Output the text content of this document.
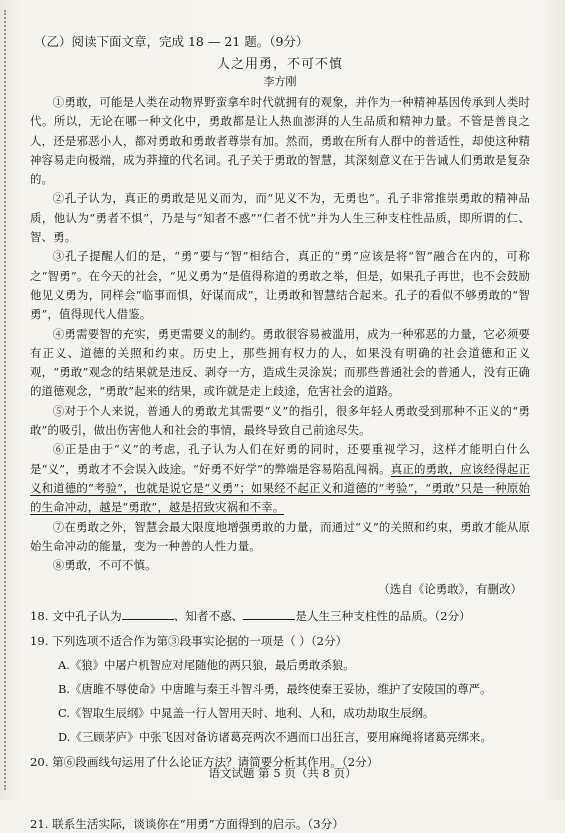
（乙）阅读下面文章，完成 18 — 21 题。（9分）

人之用勇，不可不慎
李方刚

①勇敢，可能是人类在动物界野蛮拿牟时代就拥有的观象，并作为一种精神基因传承到人类时代。所以，无论在哪一种文化中，勇敢都是让人热血澎湃的人生品质和精神力量。不管是善良之人，还是邪恶小人，都对勇敢和勇敢者尊崇有加。然而，勇敢在所有人群中的普适性，却使这种精神容易走向极端，成为莽撞的代名词。孔子关于勇敢的智慧，其深刻意义在于告诫人们勇敢是复杂的。

②孔子认为，真正的勇敢是见义而为，而“见义不为，无勇也”。孔子非常推崇勇敢的精神品质，他认为“勇者不惧”，乃是与“知者不惑”“仁者不忧”并为人生三种支柱性品质，即所谓的仁、智、勇。

③孔子提醒人们的是，“勇”要与“智”相结合，真正的“勇”应该是将“智”融合在内的，可称之“智勇”。在今天的社会，“见义勇为”是值得称道的勇敢之举，但是，如果孔子再世，也不会鼓励他见义勇为，同样会“临事而惧，好谋而成”，让勇敢和智慧结合起来。孔子的看似不够勇敢的“智勇”，值得现代人借鉴。

④勇需要智的充实，勇更需要义的制约。勇敢很容易被滥用，成为一种邪恶的力量，它必须要有正义、道德的关照和约束。历史上，那些拥有权力的人，如果没有明确的社会道德和正义观，“勇敢”观念的结果就是违反、剥夺一方，造成生灵涂炭；而那些普通社会的普通人，没有正确的道德观念，“勇敢”起来的结果，或许就是走上歧途，危害社会的道路。

⑤对于个人来说，普通人的勇敢尤其需要“义”的指引，很多年轻人勇敢受到那种不正义的“勇敢”的吸引，做出伤害他人和社会的事情，最终导致自己前途尽失。

⑥正是由于“义”的考虑，孔子认为人们在好勇的同时，还要重视学习，这样才能明白什么是“义”，勇敢才不会误入歧途。“好勇不好学”的弊端是容易陷乱闯祸。真正的勇敢，应该经得起正义和道德的“考验”，也就是说它是“义勇”；如果经不起正义和道德的“考验”，“勇敢”只是一种原始的生命冲动，越是“勇敢”，越是招致灾祸和不幸。

⑦在勇敢之外，智慧会最大限度地增强勇敢的力量，而通过“义”的关照和约束，勇敢才能从原始生命冲动的能量，变为一种善的人性力量。

⑧勇敢，不可不慎。

（选自《论勇敢》，有删改）

18. 文中孔子认为	、知者不惑、	是人生三种支柱性的品质。（2分）

19. 下列选项不适合作为第③段事实论据的一项是（ ）（2分）

A.《狼》中屠户机智应对尾随他的两只狼，最后勇敢杀狼。

B.《唐雎不辱使命》中唐雎与秦王斗智斗勇，最终使秦王妥协，维护了安陵国的尊严。

C.《智取生辰纲》中晁盖一行人智用天时、地利、人和，成功劫取生辰纲。

D.《三顾茅庐》中张飞因对备访诸葛亮两次不遇而口出狂言，要用麻绳将诸葛亮绑来。

20. 第⑥段画线句运用了什么论证方法？请简要分析其作用。（2分）

21. 联系生活实际，谈谈你在“用勇”方面得到的启示。（3分）

语文试题 第 5 页（共 8 页）
